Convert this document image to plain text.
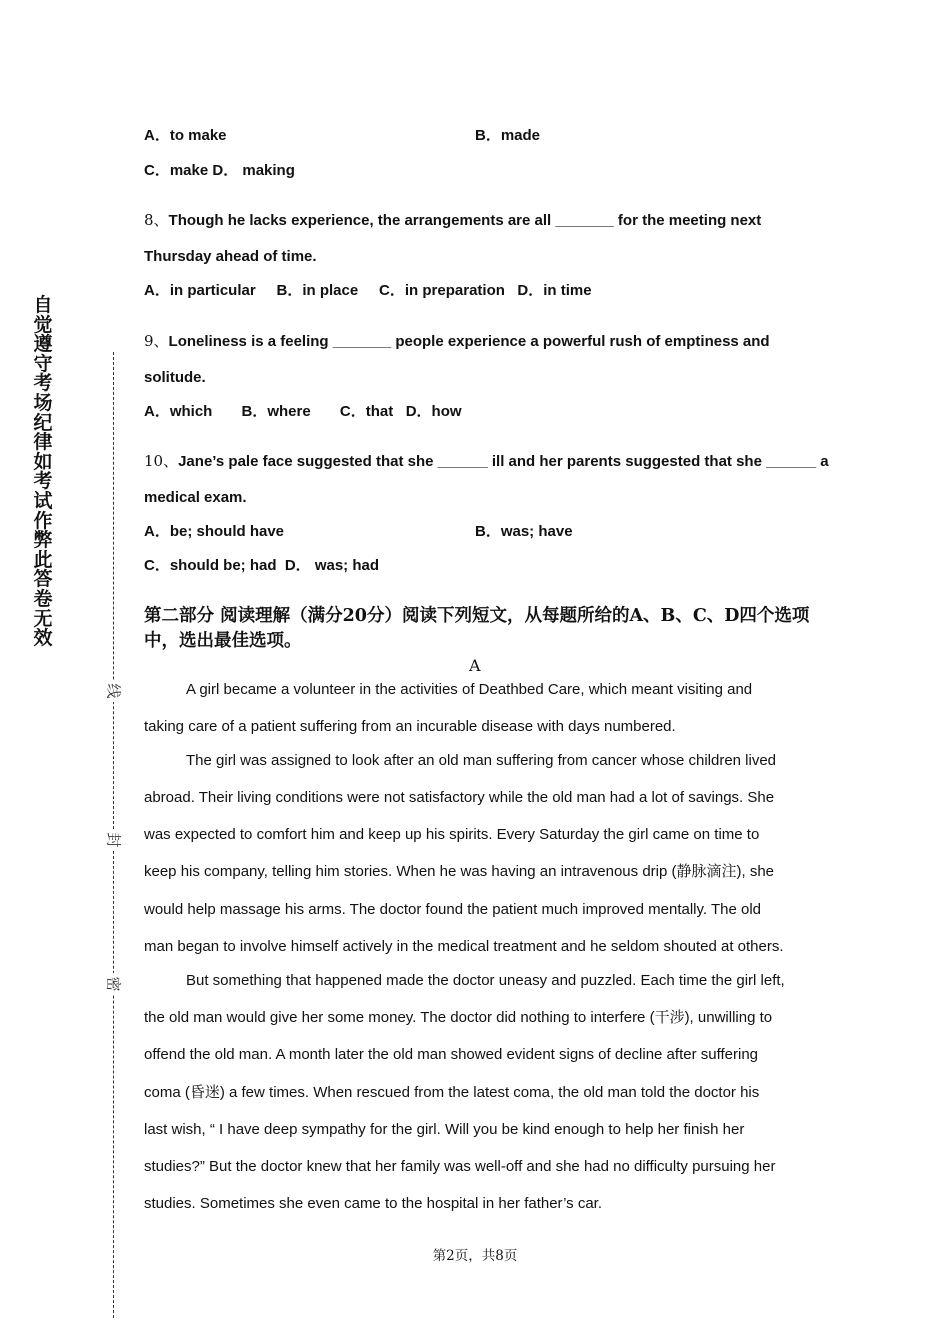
自觉遵守考场纪律如考试作弊此答卷无效
线
封
密
A．to make	B．made
C．make D． making
8、Though he lacks experience, the arrangements are all _______ for the meeting next
Thursday ahead of time.
A．in particular     B．in place     C．in preparation   D．in time
9、Loneliness is a feeling _______ people experience a powerful rush of emptiness and
solitude.
A．which       B．where       C．that   D．how
10、Jane’s pale face suggested that she ______ ill and her parents suggested that she ______ a
medical exam.
A．be; should have	B．was; have
C．should be; had  D． was; had
第二部分 阅读理解（满分20分）阅读下列短文，从每题所给的A、B、C、D四个选项中，选出最佳选项。
A
A girl became a volunteer in the activities of Deathbed Care, which meant visiting and
taking care of a patient suffering from an incurable disease with days numbered.
The girl was assigned to look after an old man suffering from cancer whose children lived
abroad. Their living conditions were not satisfactory while the old man had a lot of savings. She
was expected to comfort him and keep up his spirits. Every Saturday the girl came on time to
keep his company, telling him stories. When he was having an intravenous drip (静脉滴注), she
would help massage his arms. The doctor found the patient much improved mentally. The old
man began to involve himself actively in the medical treatment and he seldom shouted at others.
But something that happened made the doctor uneasy and puzzled. Each time the girl left,
the old man would give her some money. The doctor did nothing to interfere (干涉), unwilling to
offend the old man. A month later the old man showed evident signs of decline after suffering
coma (昏迷) a few times. When rescued from the latest coma, the old man told the doctor his
last wish, “ I have deep sympathy for the girl. Will you be kind enough to help her finish her
studies?” But the doctor knew that her family was well-off and she had no difficulty pursuing her
studies. Sometimes she even came to the hospital in her father’s car.
第2页，共8页
